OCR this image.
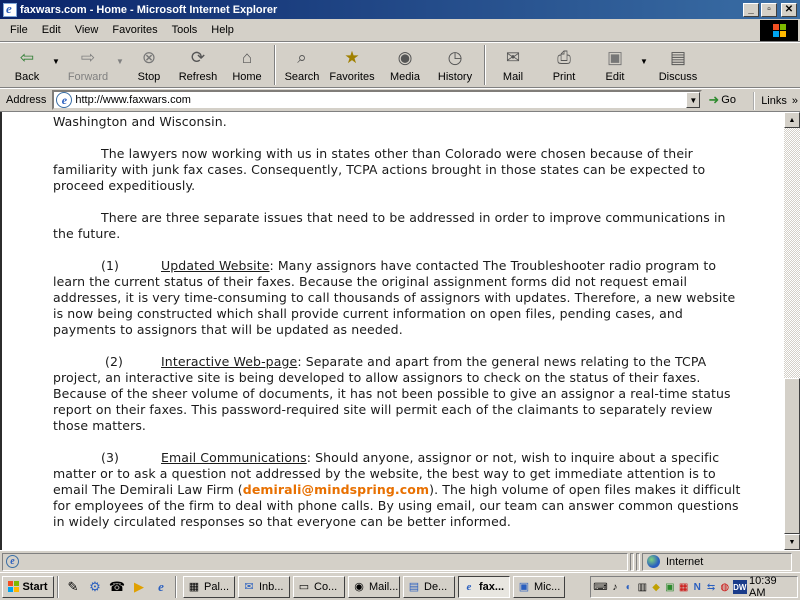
e
faxwars.com - Home - Microsoft Internet Explorer	_	▫	✕
File	Edit	View	Favorites	Tools	Help
⇦
Back
▼ ⇨
Forward
▼ ⊗
Stop
⟳
Refresh
⌂
Home
⌕
Search
★
Favorites
◉
Media
◷
History
✉
Mail
⎙
Print
▣
Edit
▼ ▤
Discuss
Address	e
http://www.faxwars.com	▼ ➜ Go Links »

Washington and Wisconsin.

The lawyers now working with us in states other than Colorado were chosen because of their familiarity with junk fax cases. Consequently, TCPA actions brought in those states can be expected to proceed expeditiously.

There are three separate issues that need to be addressed in order to improve communications in the future.

(1)	Updated Website: Many assignors have contacted The Troubleshooter radio program to learn the current status of their faxes. Because the original assignment forms did not request email addresses, it is very time-consuming to call thousands of assignors with updates. Therefore, a new website is now being constructed which shall provide current information on open files, pending cases, and payments to assignors that will be updated as needed.

(2)	Interactive Web-page: Separate and apart from the general news relating to the TCPA project, an interactive site is being developed to allow assignors to check on the status of their faxes. Because of the sheer volume of documents, it has not been possible to give an assignor a real-time status report on their faxes. This password-required site will permit each of the claimants to separately review those matters.

(3)	Email Communications: Should anyone, assignor or not, wish to inquire about a specific matter or to ask a question not addressed by the website, the best way to get immediate attention is to email The Demirali Law Firm (demirali@mindspring.com). The high volume of open files makes it difficult for employees of the firm to deal with phone calls. By using email, our team can answer common questions in widely circulated responses so that everyone can be better informed.

▲
▼
e	Internet
Start ✎ ⚙ ☎ ▶	e	▦ Pal... ✉ Inb... ▭ Co... ◉ Mail... ▤ De...	e fax... ▣ Mic...	⌨ ♪ ◐ ▥ ◆ ▣ ▦ N ⇆ ◍ DW 10:39 AM
